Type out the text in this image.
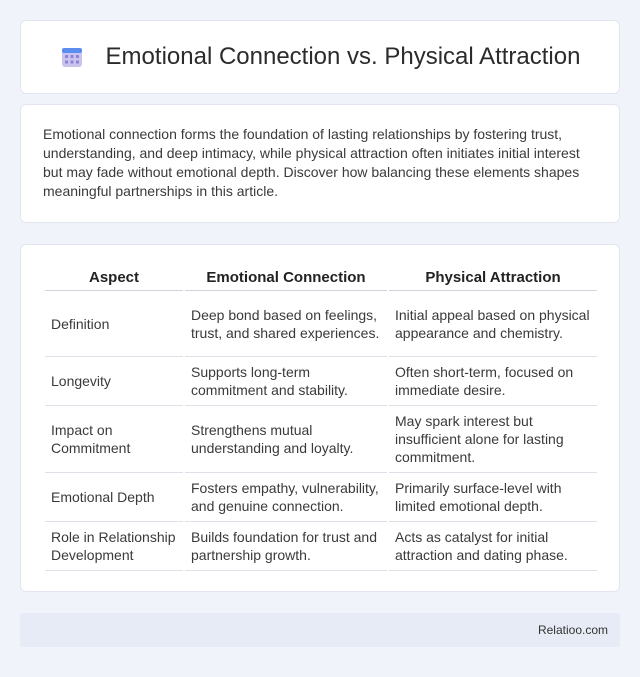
Emotional Connection vs. Physical Attraction

Emotional connection forms the foundation of lasting relationships by fostering trust, understanding, and deep intimacy, while physical attraction often initiates initial interest but may fade without emotional depth. Discover how balancing these elements shapes meaningful partnerships in this article.

Aspect	Emotional Connection	Physical Attraction
Definition	Deep bond based on feelings, trust, and shared experiences.	Initial appeal based on physical appearance and chemistry.
Longevity	Supports long-term commitment and stability.	Often short-term, focused on immediate desire.
Impact on Commitment	Strengthens mutual understanding and loyalty.	May spark interest but insufficient alone for lasting commitment.
Emotional Depth	Fosters empathy, vulnerability, and genuine connection.	Primarily surface-level with limited emotional depth.
Role in Relationship Development	Builds foundation for trust and partnership growth.	Acts as catalyst for initial attraction and dating phase.
Relatioo.com
